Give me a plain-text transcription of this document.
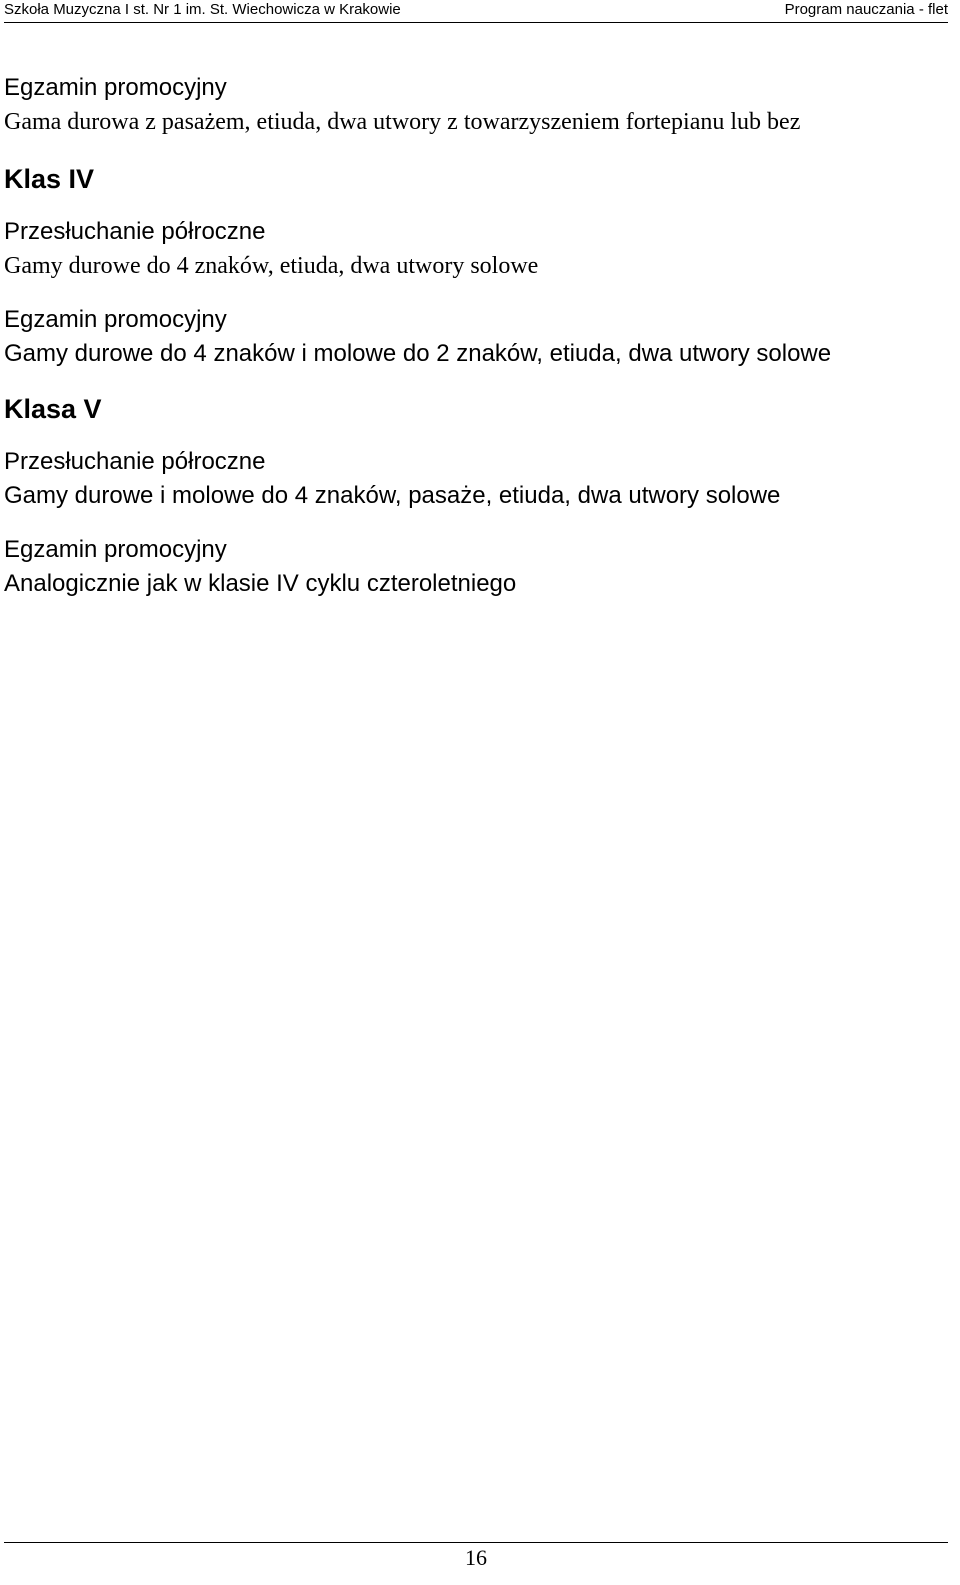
Szkoła Muzyczna I st. Nr 1 im. St. Wiechowicza w Krakowie	Program nauczania - flet
Egzamin promocyjny
Gama durowa z pasażem, etiuda, dwa utwory z towarzyszeniem fortepianu lub bez
Klas IV
Przesłuchanie półroczne
Gamy durowe do 4 znaków, etiuda, dwa utwory solowe
Egzamin promocyjny
Gamy durowe do 4 znaków i molowe do 2 znaków, etiuda, dwa utwory solowe
Klasa V
Przesłuchanie półroczne
Gamy durowe i molowe do 4 znaków, pasaże, etiuda, dwa utwory solowe
Egzamin promocyjny
Analogicznie jak w klasie IV cyklu czteroletniego
16
